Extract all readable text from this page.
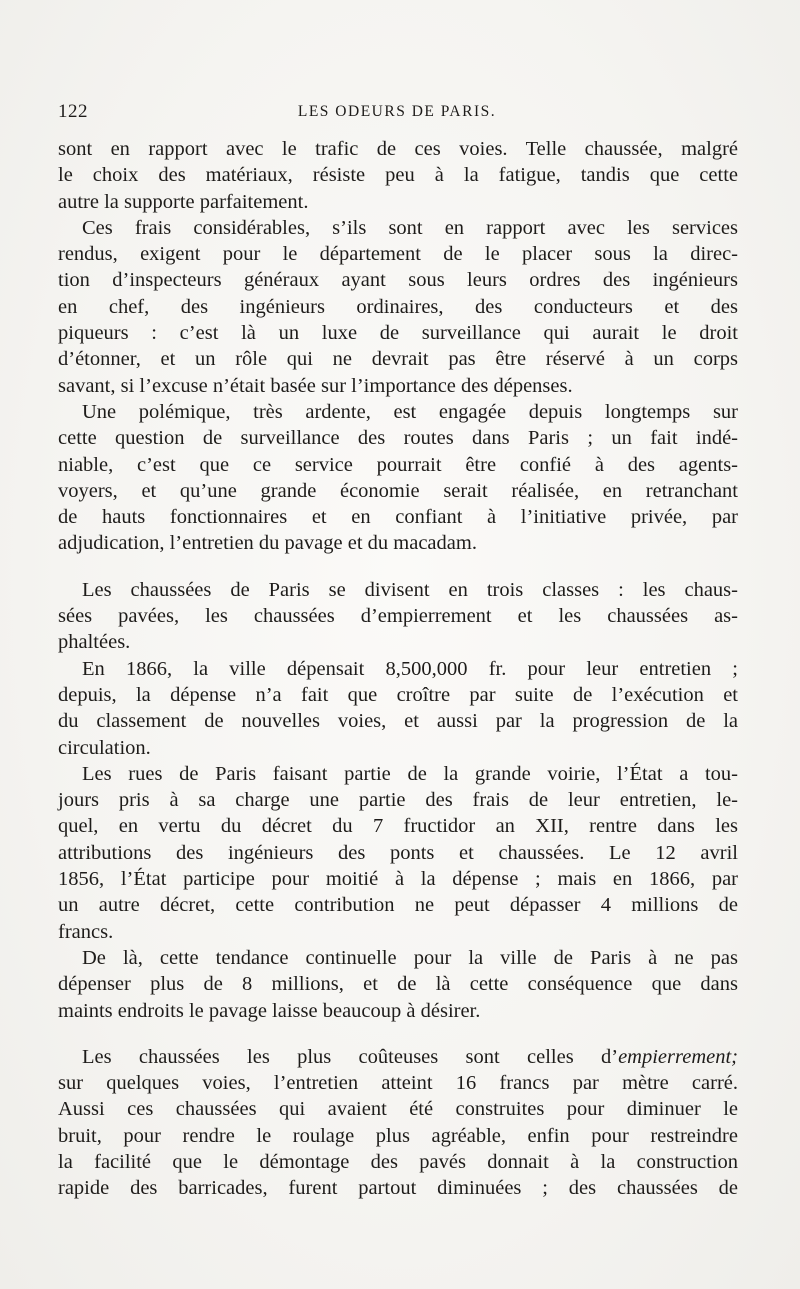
122	LES ODEURS DE PARIS.
sont en rapport avec le trafic de ces voies. Telle chaussée, malgré
le choix des matériaux, résiste peu à la fatigue, tandis que cette
autre la supporte parfaitement.
Ces frais considérables, s’ils sont en rapport avec les services
rendus, exigent pour le département de le placer sous la direc-
tion d’inspecteurs généraux ayant sous leurs ordres des ingénieurs
en chef, des ingénieurs ordinaires, des conducteurs et des
piqueurs : c’est là un luxe de surveillance qui aurait le droit
d’étonner, et un rôle qui ne devrait pas être réservé à un corps
savant, si l’excuse n’était basée sur l’importance des dépenses.
Une polémique, très ardente, est engagée depuis longtemps sur
cette question de surveillance des routes dans Paris ; un fait indé-
niable, c’est que ce service pourrait être confié à des agents-
voyers, et qu’une grande économie serait réalisée, en retranchant
de hauts fonctionnaires et en confiant à l’initiative privée, par
adjudication, l’entretien du pavage et du macadam.
Les chaussées de Paris se divisent en trois classes : les chaus-
sées pavées, les chaussées d’empierrement et les chaussées as-
phaltées.
En 1866, la ville dépensait 8,500,000 fr. pour leur entretien ;
depuis, la dépense n’a fait que croître par suite de l’exécution et
du classement de nouvelles voies, et aussi par la progression de la
circulation.
Les rues de Paris faisant partie de la grande voirie, l’État a tou-
jours pris à sa charge une partie des frais de leur entretien, le-
quel, en vertu du décret du 7 fructidor an XII, rentre dans les
attributions des ingénieurs des ponts et chaussées. Le 12 avril
1856, l’État participe pour moitié à la dépense ; mais en 1866, par
un autre décret, cette contribution ne peut dépasser 4 millions de
francs.
De là, cette tendance continuelle pour la ville de Paris à ne pas
dépenser plus de 8 millions, et de là cette conséquence que dans
maints endroits le pavage laisse beaucoup à désirer.
Les chaussées les plus coûteuses sont celles d’empierrement;
sur quelques voies, l’entretien atteint 16 francs par mètre carré.
Aussi ces chaussées qui avaient été construites pour diminuer le
bruit, pour rendre le roulage plus agréable, enfin pour restreindre
la facilité que le démontage des pavés donnait à la construction
rapide des barricades, furent partout diminuées ; des chaussées de
